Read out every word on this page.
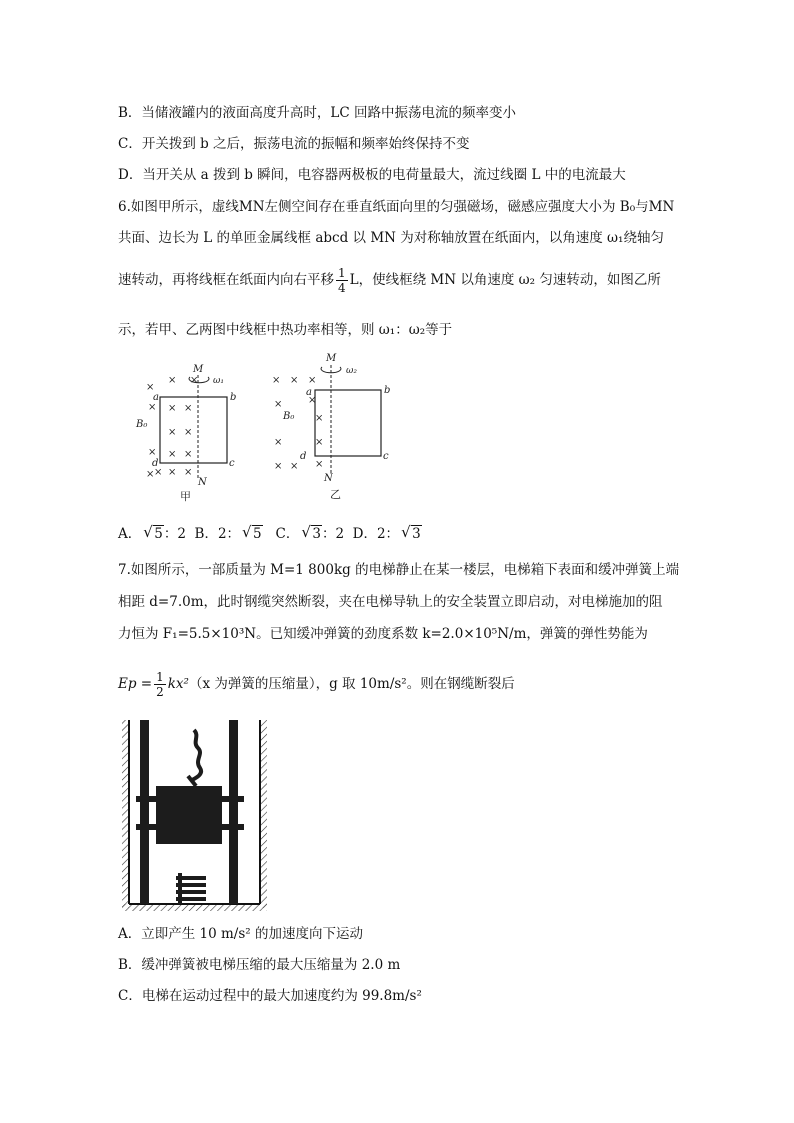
B．当储液罐内的液面高度升高时，LC 回路中振荡电流的频率变小
C．开关拨到 b 之后，振荡电流的振幅和频率始终保持不变
D．当开关从 a 拨到 b 瞬间，电容器两极板的电荷量最大，流过线圈 L 中的电流最大
6.如图甲所示，虚线MN左侧空间存在垂直纸面向里的匀强磁场，磁感应强度大小为 B₀与MN
共面、边长为 L 的单匝金属线框 abcd 以 MN 为对称轴放置在纸面内，以角速度 ω₁绕轴匀
速转动，再将线框在纸面内向右平移 $\frac{1}{4}$ L，使线框绕 MN 以角速度 ω₂ 匀速转动，如图乙所
示，若甲、乙两图中线框中热功率相等，则 ω₁：ω₂等于
×
× ×
× × ×
× ×
× × ×
× × ×
×
M
ω₁
a	b
c
d
B₀
N
甲
× × ×
×	×
×
×	×
× × ×
M
ω₂
a	b
c
d
B₀
N
乙
A． √ 5：2 B．2： √ 5 C． √ 3：2 D．2： √ 3
7.如图所示，一部质量为 M=1 800kg 的电梯静止在某一楼层，电梯箱下表面和缓冲弹簧上端
相距 d=7.0m，此时钢缆突然断裂，夹在电梯导轨上的安全装置立即启动，对电梯施加的阻
力恒为 F₁=5.5×10³N。已知缓冲弹簧的劲度系数 k=2.0×10⁵N/m，弹簧的弹性势能为
$Ep = \frac{1}{2} kx^2(x$ 为弹簧的压缩量），g 取 10m/s²。则在钢缆断裂后
A．立即产生 10 m/s² 的加速度向下运动
B．缓冲弹簧被电梯压缩的最大压缩量为 2.0 m
C．电梯在运动过程中的最大加速度约为 99.8m/s²
